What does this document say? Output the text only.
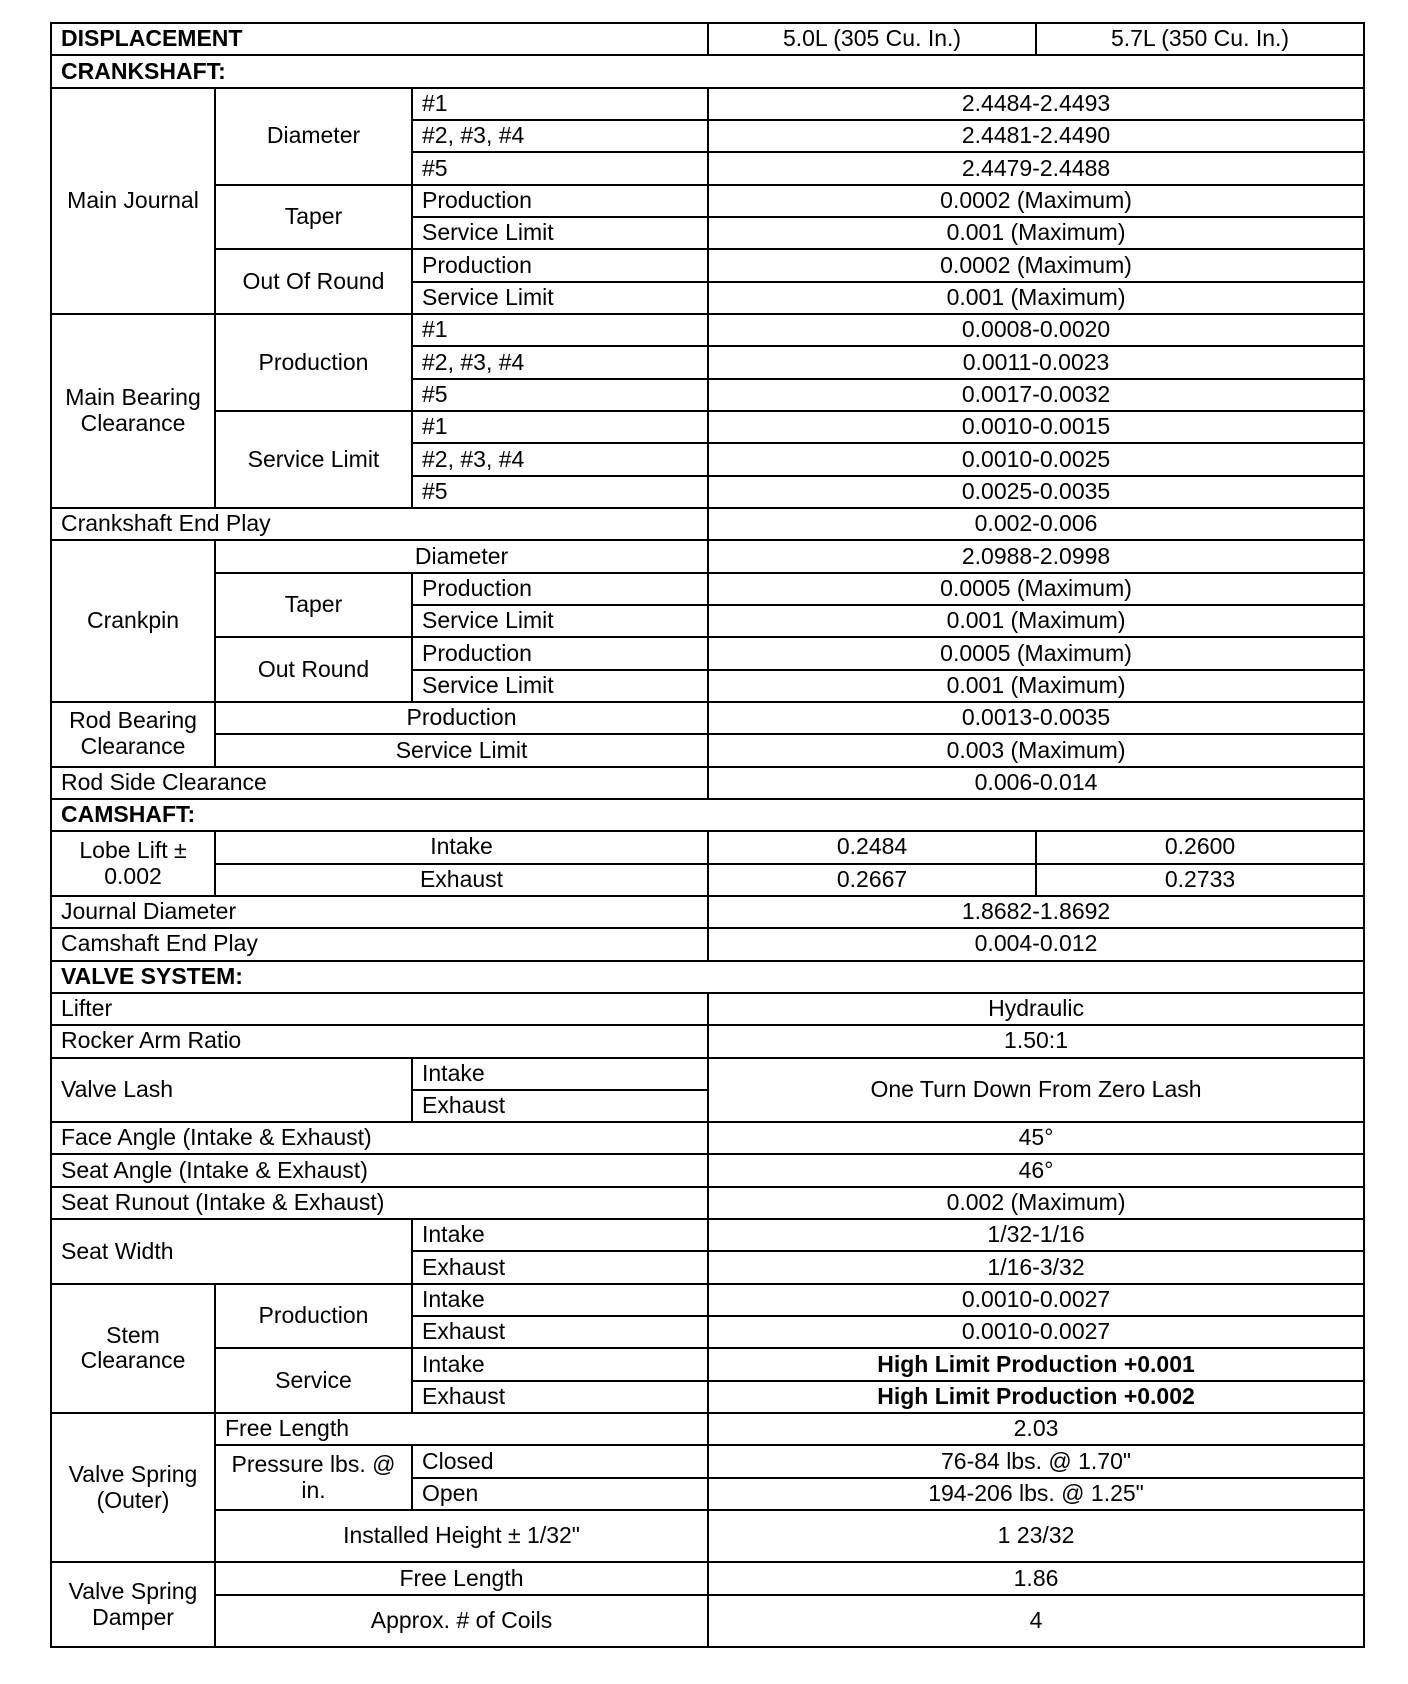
DISPLACEMENT			5.0L (305 Cu. In.)	5.7L (350 Cu. In.)
CRANKSHAFT:				
Main Journal	Diameter	#1	2.4484-2.4493	
		#2, #3, #4	2.4481-2.4490	
		#5	2.4479-2.4488	
	Taper	Production	0.0002 (Maximum)	
		Service Limit	0.001 (Maximum)	
	Out Of Round	Production	0.0002 (Maximum)	
		Service Limit	0.001 (Maximum)	
Main Bearing Clearance	Production	#1	0.0008-0.0020	
		#2, #3, #4	0.0011-0.0023	
		#5	0.0017-0.0032	
	Service Limit	#1	0.0010-0.0015	
		#2, #3, #4	0.0010-0.0025	
		#5	0.0025-0.0035	
Crankshaft End Play			0.002-0.006	
Crankpin	Diameter		2.0988-2.0998	
	Taper	Production	0.0005 (Maximum)	
		Service Limit	0.001 (Maximum)	
	Out Round	Production	0.0005 (Maximum)	
		Service Limit	0.001 (Maximum)	
Rod Bearing Clearance	Production		0.0013-0.0035	
	Service Limit		0.003 (Maximum)	
Rod Side Clearance			0.006-0.014	
CAMSHAFT:				
Lobe Lift ± 0.002	Intake		0.2484	0.2600
	Exhaust		0.2667	0.2733
Journal Diameter			1.8682-1.8692	
Camshaft End Play			0.004-0.012	
VALVE SYSTEM:				
Lifter			Hydraulic	
Rocker Arm Ratio			1.50:1	
Valve Lash		Intake	One Turn Down From Zero Lash	
		Exhaust		
Face Angle (Intake & Exhaust)			45°	
Seat Angle (Intake & Exhaust)			46°	
Seat Runout (Intake & Exhaust)			0.002 (Maximum)	
Seat Width		Intake	1/32-1/16	
		Exhaust	1/16-3/32	
Stem Clearance	Production	Intake	0.0010-0.0027	
		Exhaust	0.0010-0.0027	
	Service	Intake	High Limit Production +0.001	
		Exhaust	High Limit Production +0.002	
Valve Spring (Outer)	Free Length		2.03	
	Pressure lbs. @ in.	Closed	76-84 lbs. @ 1.70"	
		Open	194-206 lbs. @ 1.25"	
	Installed Height ± 1/32"		1 23/32	
Valve Spring Damper	Free Length		1.86	
	Approx. # of Coils		4	
